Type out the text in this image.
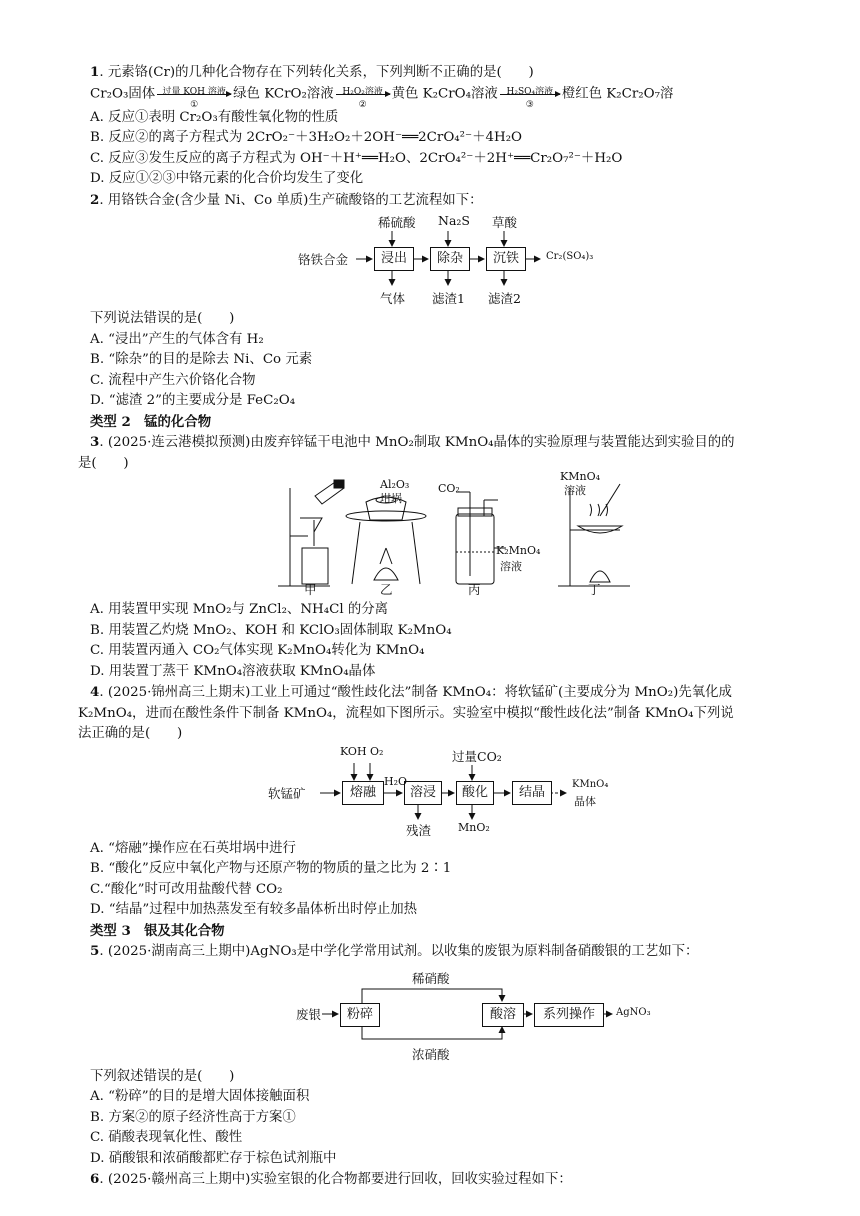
1. 元素铬(Cr)的几种化合物存在下列转化关系，下列判断不正确的是(　　)
Cr₂O₃固体 过量 KOH 溶液
①
绿色 KCrO₂溶液 H₂O₂溶液
②
黄色 K₂CrO₄溶液 H₂SO₄溶液
③
橙红色 K₂Cr₂O₇溶
A. 反应①表明 Cr₂O₃有酸性氧化物的性质
B. 反应②的离子方程式为 2CrO₂⁻＋3H₂O₂＋2OH⁻══2CrO₄²⁻＋4H₂O
C. 反应③发生反应的离子方程式为 OH⁻＋H⁺══H₂O、2CrO₄²⁻＋2H⁺══Cr₂O₇²⁻＋H₂O
D. 反应①②③中铬元素的化合价均发生了变化
2. 用铬铁合金(含少量 Ni、Co 单质)生产硫酸铬的工艺流程如下：
铬铁合金	浸出	除杂	沉铁	Cr₂(SO₄)₃
稀硫酸 Na₂S 草酸
气体 滤渣1 滤渣2
下列说法错误的是(　　)
A. “浸出”产生的气体含有 H₂
B. “除杂”的目的是除去 Ni、Co 元素
C. 流程中产生六价铬化合物
D. “滤渣 2”的主要成分是 FeC₂O₄
类型 2　锰的化合物
3. (2025·连云港模拟预测)由废弃锌锰干电池中 MnO₂制取 KMnO₄晶体的实验原理与装置能达到实验目的的
是(　　)
Al₂O₃
坩埚
CO₂
K₂MnO₄
溶液
KMnO₄
溶液
甲	乙	丙	丁
A. 用装置甲实现 MnO₂与 ZnCl₂、NH₄Cl 的分离
B. 用装置乙灼烧 MnO₂、KOH 和 KClO₃固体制取 K₂MnO₄
C. 用装置丙通入 CO₂气体实现 K₂MnO₄转化为 KMnO₄
D. 用装置丁蒸干 KMnO₄溶液获取 KMnO₄晶体
4. (2025·锦州高三上期末)工业上可通过“酸性歧化法”制备 KMnO₄：将软锰矿(主要成分为 MnO₂)先氧化成
K₂MnO₄，进而在酸性条件下制备 KMnO₄，流程如下图所示。实验室中模拟“酸性歧化法”制备 KMnO₄下列说
法正确的是(　　)
软锰矿	熔融	溶浸	酸化	结晶
KOH O₂
H₂O
过量CO₂
残渣 MnO₂
KMnO₄
晶体
A. “熔融”操作应在石英坩埚中进行
B. “酸化”反应中氧化产物与还原产物的物质的量之比为 2∶1
C.“酸化”时可改用盐酸代替 CO₂
D. “结晶”过程中加热蒸发至有较多晶体析出时停止加热
类型 3　银及其化合物
5. (2025·湖南高三上期中)AgNO₃是中学化学常用试剂。以收集的废银为原料制备硝酸银的工艺如下：
废银	粉碎	酸溶	系列操作	AgNO₃
稀硝酸
浓硝酸
下列叙述错误的是(　　)
A. “粉碎”的目的是增大固体接触面积
B. 方案②的原子经济性高于方案①
C. 硝酸表现氧化性、酸性
D. 硝酸银和浓硝酸都贮存于棕色试剂瓶中
6. (2025·赣州高三上期中)实验室银的化合物都要进行回收，回收实验过程如下：
